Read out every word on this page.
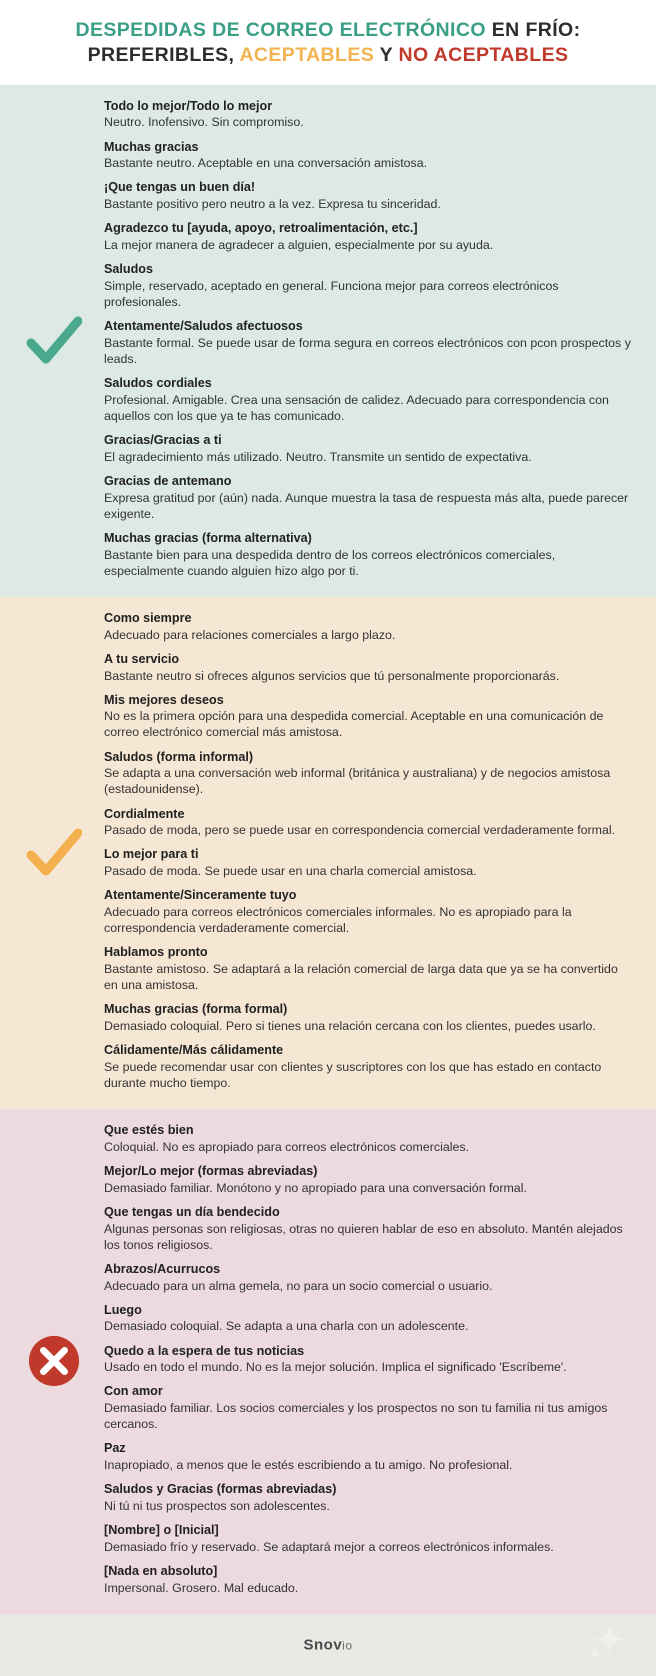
DESPEDIDAS DE CORREO ELECTRÓNICO EN FRÍO:
PREFERIBLES, ACEPTABLES Y NO ACEPTABLES
Todo lo mejor/Todo lo mejor
Neutro. Inofensivo. Sin compromiso.
Muchas gracias
Bastante neutro. Aceptable en una conversación amistosa.
¡Que tengas un buen día!
Bastante positivo pero neutro a la vez. Expresa tu sinceridad.
Agradezco tu [ayuda, apoyo, retroalimentación, etc.]
La mejor manera de agradecer a alguien, especialmente por su ayuda.
Saludos
Simple, reservado, aceptado en general. Funciona mejor para correos electrónicos profesionales.
Atentamente/Saludos afectuosos
Bastante formal. Se puede usar de forma segura en correos electrónicos con pcon prospectos y leads.
Saludos cordiales
Profesional. Amigable. Crea una sensación de calidez. Adecuado para correspondencia con aquellos con los que ya te has comunicado.
Gracias/Gracias a ti
El agradecimiento más utilizado. Neutro. Transmite un sentido de expectativa.
Gracias de antemano
Expresa gratitud por (aún) nada. Aunque muestra la tasa de respuesta más alta, puede parecer exigente.
Muchas gracias (forma alternativa)
Bastante bien para una despedida dentro de los correos electrónicos comerciales, especialmente cuando alguien hizo algo por ti.
Como siempre
Adecuado para relaciones comerciales a largo plazo.
A tu servicio
Bastante neutro si ofreces algunos servicios que tú personalmente proporcionarás.
Mis mejores deseos
No es la primera opción para una despedida comercial. Aceptable en una comunicación de correo electrónico comercial más amistosa.
Saludos (forma informal)
Se adapta a una conversación web informal (británica y australiana) y de negocios amistosa (estadounidense).
Cordialmente
Pasado de moda, pero se puede usar en correspondencia comercial verdaderamente formal.
Lo mejor para ti
Pasado de moda. Se puede usar en una charla comercial amistosa.
Atentamente/Sinceramente tuyo
Adecuado para correos electrónicos comerciales informales. No es apropiado para la correspondencia verdaderamente comercial.
Hablamos pronto
Bastante amistoso. Se adaptará a la relación comercial de larga data que ya se ha convertido en una amistosa.
Muchas gracias (forma formal)
Demasiado coloquial. Pero si tienes una relación cercana con los clientes, puedes usarlo.
Cálidamente/Más cálidamente
Se puede recomendar usar con clientes y suscriptores con los que has estado en contacto durante mucho tiempo.
Que estés bien
Coloquial. No es apropiado para correos electrónicos comerciales.
Mejor/Lo mejor (formas abreviadas)
Demasiado familiar. Monótono y no apropiado para una conversación formal.
Que tengas un día bendecido
Algunas personas son religiosas, otras no quieren hablar de eso en absoluto. Mantén alejados los tonos religiosos.
Abrazos/Acurrucos
Adecuado para un alma gemela, no para un socio comercial o usuario.
Luego
Demasiado coloquial. Se adapta a una charla con un adolescente.
Quedo a la espera de tus noticias
Usado en todo el mundo. No es la mejor solución. Implica el significado 'Escríbeme'.
Con amor
Demasiado familiar. Los socios comerciales y los prospectos no son tu familia ni tus amigos cercanos.
Paz
Inapropiado, a menos que le estés escribiendo a tu amigo. No profesional.
Saludos y Gracias (formas abreviadas)
Ni tú ni tus prospectos son adolescentes.
[Nombre] o [Inicial]
Demasiado frío y reservado. Se adaptará mejor a correos electrónicos informales.
[Nada en absoluto]
Impersonal. Grosero. Mal educado.
Snovio
